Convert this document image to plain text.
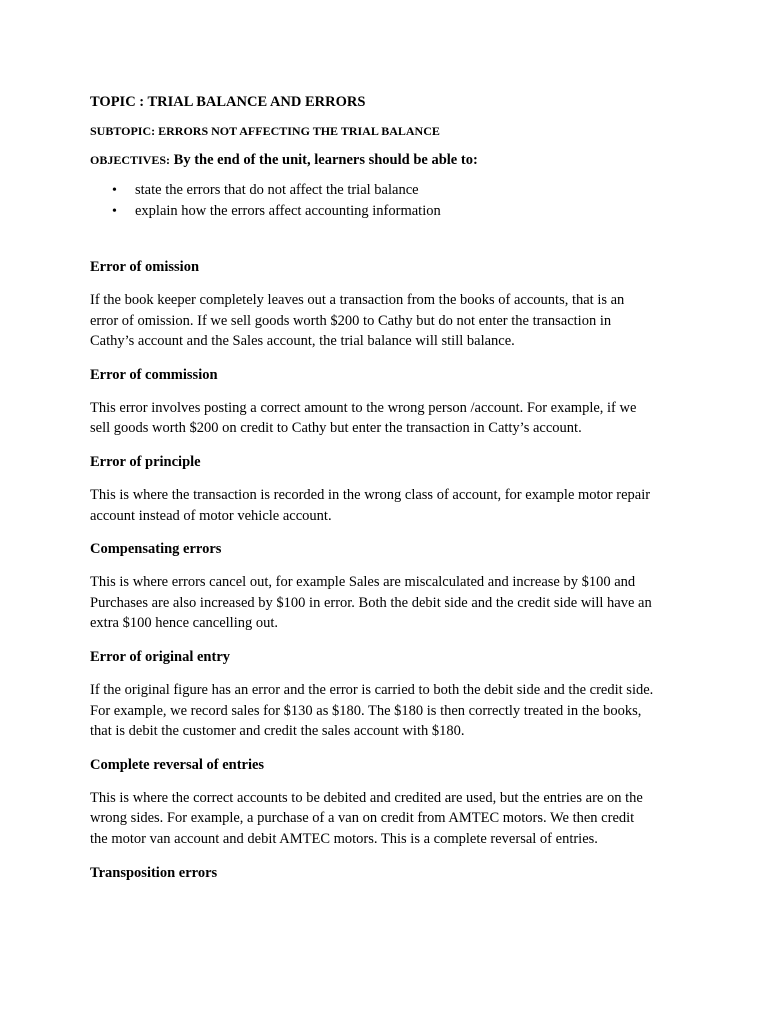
TOPIC : TRIAL BALANCE AND ERRORS
SUBTOPIC: ERRORS NOT AFFECTING THE TRIAL BALANCE
OBJECTIVES: By the end of the unit, learners should be able to:
• state the errors that do not affect the trial balance
• explain how the errors affect accounting information
Error of omission
If the book keeper completely leaves out a transaction from the books of accounts, that is an
error of omission. If we sell goods worth $200 to Cathy but do not enter the transaction in
Cathy’s account and the Sales account, the trial balance will still balance.
Error of commission
This error involves posting a correct amount to the wrong person /account. For example, if we
sell goods worth $200 on credit to Cathy but enter the transaction in Catty’s account.
Error of principle
This is where the transaction is recorded in the wrong class of account, for example motor repair
account instead of motor vehicle account.
Compensating errors
This is where errors cancel out, for example Sales are miscalculated and increase by $100 and
Purchases are also increased by $100 in error. Both the debit side and the credit side will have an
extra $100 hence cancelling out.
Error of original entry
If the original figure has an error and the error is carried to both the debit side and the credit side.
For example, we record sales for $130 as $180. The $180 is then correctly treated in the books,
that is debit the customer and credit the sales account with $180.
Complete reversal of entries
This is where the correct accounts to be debited and credited are used, but the entries are on the
wrong sides. For example, a purchase of a van on credit from AMTEC motors. We then credit
the motor van account and debit AMTEC motors. This is a complete reversal of entries.
Transposition errors
